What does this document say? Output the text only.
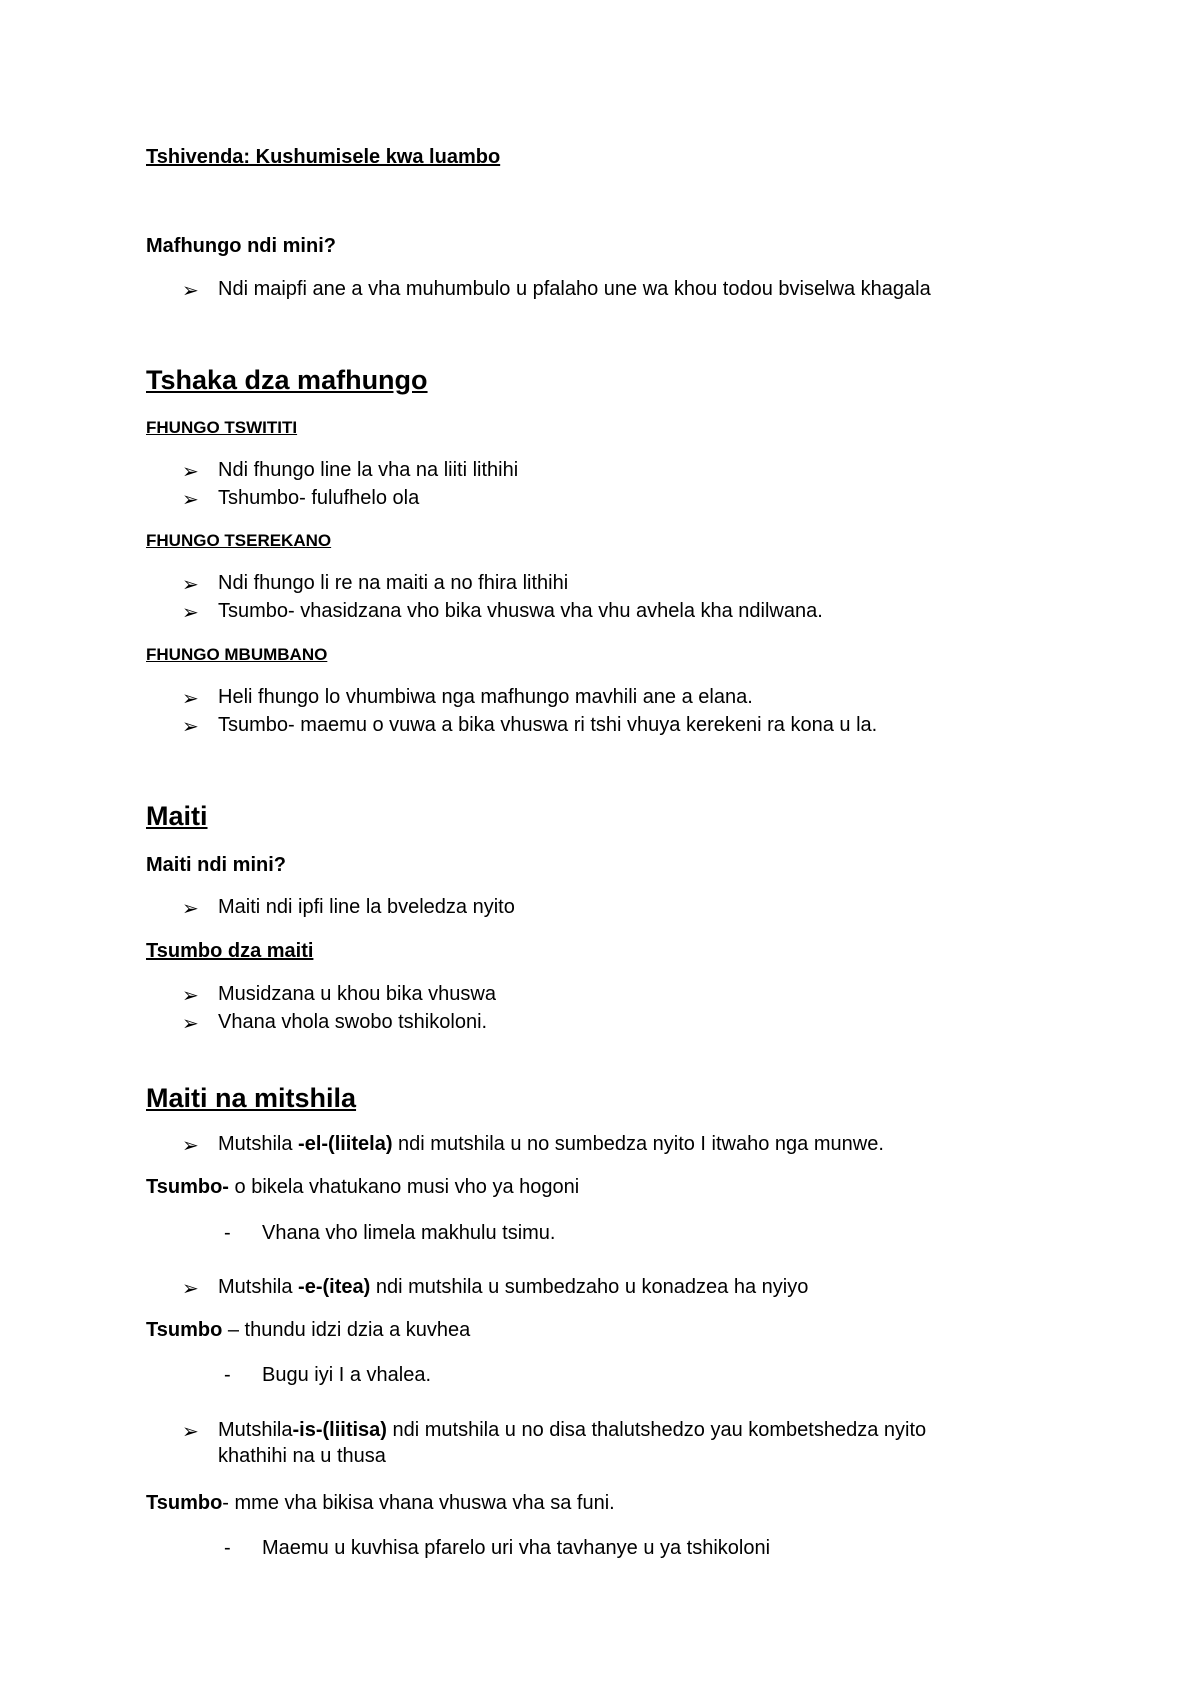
Tshivenda: Kushumisele kwa luambo
Mafhungo ndi mini?
➢ Ndi maipfi ane a vha muhumbulo u pfalaho une wa khou todou bviselwa khagala
Tshaka dza mafhungo
FHUNGO TSWITITI
➢ Ndi fhungo line la vha na liiti lithihi
➢ Tshumbo- fulufhelo ola
FHUNGO TSEREKANO
➢ Ndi fhungo li re na maiti a no fhira lithihi
➢ Tsumbo- vhasidzana vho bika vhuswa vha vhu avhela kha ndilwana.
FHUNGO MBUMBANO
➢ Heli fhungo lo vhumbiwa nga mafhungo mavhili ane a elana.
➢ Tsumbo- maemu o vuwa a bika vhuswa ri tshi vhuya kerekeni ra kona u la.
Maiti
Maiti ndi mini?
➢ Maiti ndi ipfi line la bveledza nyito
Tsumbo dza maiti
➢ Musidzana u khou bika vhuswa
➢ Vhana vhola swobo tshikoloni.
Maiti na mitshila
➢ Mutshila -el-(liitela) ndi mutshila u no sumbedza nyito I itwaho nga munwe.
Tsumbo- o bikela vhatukano musi vho ya hogoni
- Vhana vho limela makhulu tsimu.
➢ Mutshila -e-(itea) ndi mutshila u sumbedzaho u konadzea ha nyiyo
Tsumbo – thundu idzi dzia a kuvhea
- Bugu iyi I a vhalea.
➢ Mutshila-is-(liitisa) ndi mutshila u no disa thalutshedzo yau kombetshedza nyito
khathihi na u thusa
Tsumbo- mme vha bikisa vhana vhuswa vha sa funi.
- Maemu u kuvhisa pfarelo uri vha tavhanye u ya tshikoloni
